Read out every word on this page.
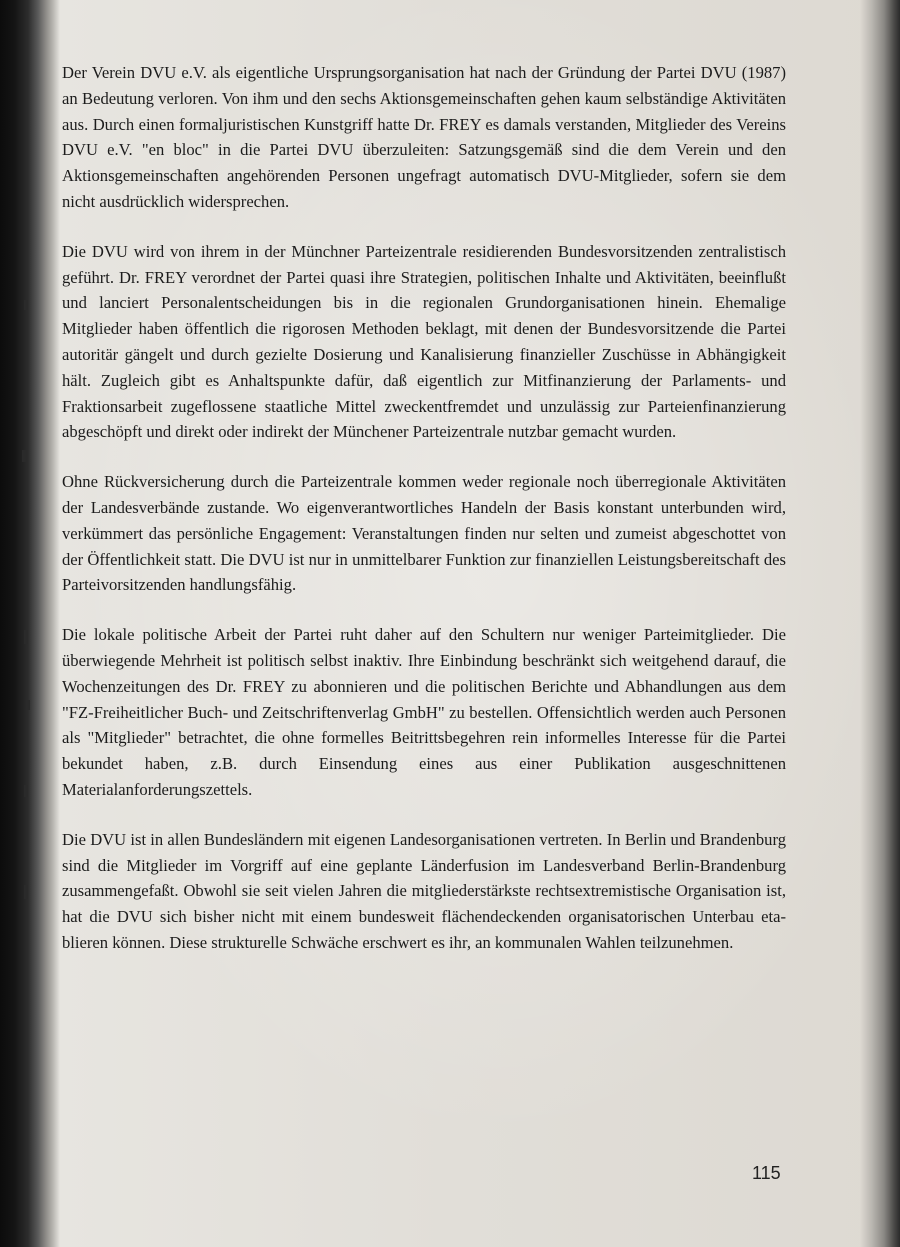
Der Verein DVU e.V. als eigentliche Ursprungsorganisation hat nach der Gründung der Partei DVU (1987) an Bedeutung verloren. Von ihm und den sechs Aktionsgemeinschaften gehen kaum selbständige Aktivitäten aus. Durch einen formaljuristischen Kunstgriff hatte Dr. FREY es damals verstanden, Mitglieder des Vereins DVU e.V. "en bloc" in die Partei DVU überzuleiten: Satzungsgemäß sind die dem Verein und den Aktionsgemeinschaften angehörenden Personen ungefragt automatisch DVU-Mitglieder, sofern sie dem nicht ausdrücklich widersprechen.

Die DVU wird von ihrem in der Münchner Parteizentrale residierenden Bundesvorsitzenden zentralistisch geführt. Dr. FREY verordnet der Partei quasi ihre Strategien, politischen Inhalte und Aktivitäten, beeinflußt und lanciert Personalentscheidungen bis in die regionalen Grundorganisationen hinein. Ehemalige Mitglieder haben öffentlich die rigorosen Methoden beklagt, mit denen der Bundesvorsitzende die Partei autoritär gängelt und durch gezielte Dosierung und Kanalisierung finanzieller Zuschüsse in Abhängigkeit hält. Zugleich gibt es Anhaltspunkte dafür, daß eigentlich zur Mitfinanzierung der Parlaments- und Fraktionsarbeit zugeflossene staatliche Mittel zweckentfremdet und unzulässig zur Parteienfinanzierung abgeschöpft und direkt oder indirekt der Münchener Parteizentrale nutzbar gemacht wurden.

Ohne Rückversicherung durch die Parteizentrale kommen weder regionale noch überregionale Aktivitäten der Landesverbände zustande. Wo eigenverantwortliches Handeln der Basis konstant unterbunden wird, verkümmert das persönliche Engagement: Veranstaltungen finden nur selten und zumeist abgeschottet von der Öffentlichkeit statt. Die DVU ist nur in unmittelbarer Funktion zur finanziellen Leistungsbereitschaft des Parteivorsitzenden handlungsfähig.

Die lokale politische Arbeit der Partei ruht daher auf den Schultern nur weniger Parteimitglieder. Die überwiegende Mehrheit ist politisch selbst inaktiv. Ihre Einbindung beschränkt sich weitgehend darauf, die Wochenzeitungen des Dr. FREY zu abonnieren und die politischen Berichte und Abhandlungen aus dem "FZ-Freiheitlicher Buch- und Zeitschriftenverlag GmbH" zu bestellen. Offensichtlich werden auch Personen als "Mitglieder" betrachtet, die ohne formelles Beitrittsbegehren rein informelles Interesse für die Partei bekundet haben, z.B. durch Einsendung eines aus einer Publikation ausgeschnittenen Materialanforderungszettels.

Die DVU ist in allen Bundesländern mit eigenen Landesorganisationen vertreten. In Berlin und Brandenburg sind die Mitglieder im Vorgriff auf eine geplante Länderfusion im Landesverband Berlin-Brandenburg zusammengefaßt. Obwohl sie seit vielen Jahren die mitgliederstärkste rechtsextremistische Organisation ist, hat die DVU sich bisher nicht mit einem bundesweit flächendeckenden organisatorischen Unterbau etablieren können. Diese strukturelle Schwäche erschwert es ihr, an kommunalen Wahlen teilzunehmen.

115
